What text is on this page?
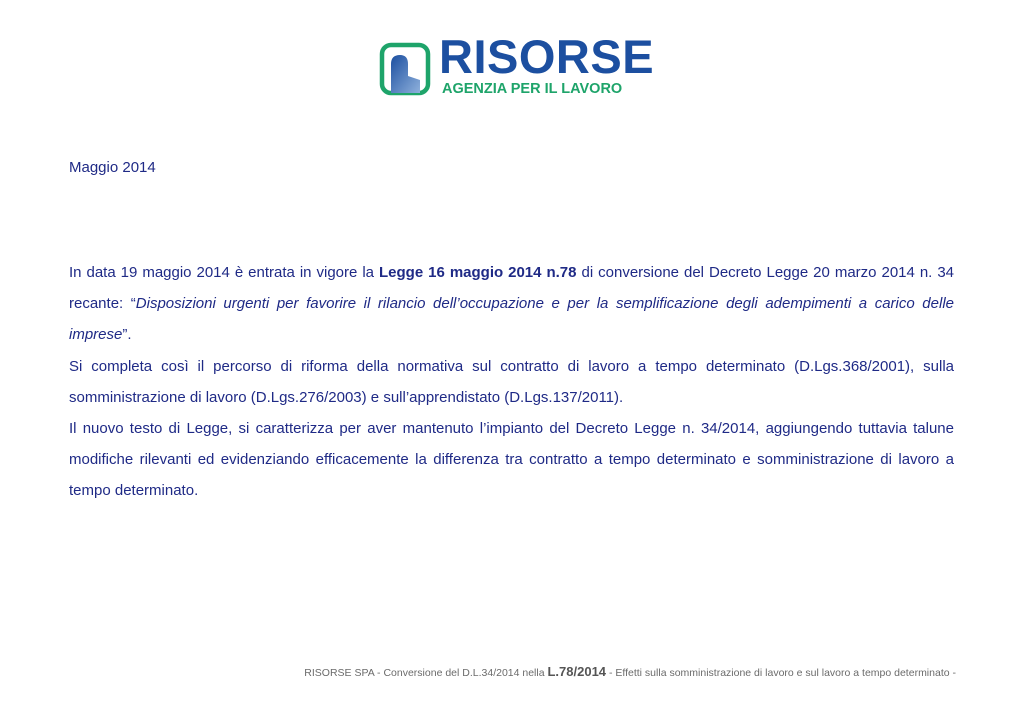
RISORSE
AGENZIA PER IL LAVORO
Maggio 2014

In data 19 maggio 2014 è entrata in vigore la Legge 16 maggio 2014 n.78 di conversione del Decreto Legge 20 marzo 2014 n. 34 recante: “Disposizioni urgenti per favorire il rilancio dell’occupazione e per la semplificazione degli adempimenti a carico delle imprese”.

Si completa così il percorso di riforma della normativa sul contratto di lavoro a tempo determinato (D.Lgs.368/2001), sulla somministrazione di lavoro (D.Lgs.276/2003) e sull’apprendistato (D.Lgs.137/2011).

Il nuovo testo di Legge, si caratterizza per aver mantenuto l’impianto del Decreto Legge n. 34/2014, aggiungendo tuttavia talune modifiche rilevanti ed evidenziando efficacemente la differenza tra contratto a tempo determinato e somministrazione di lavoro a tempo determinato.

RISORSE SPA - Conversione del D.L.34/2014 nella L.78/2014 - Effetti sulla somministrazione di lavoro e sul lavoro a tempo determinato -
